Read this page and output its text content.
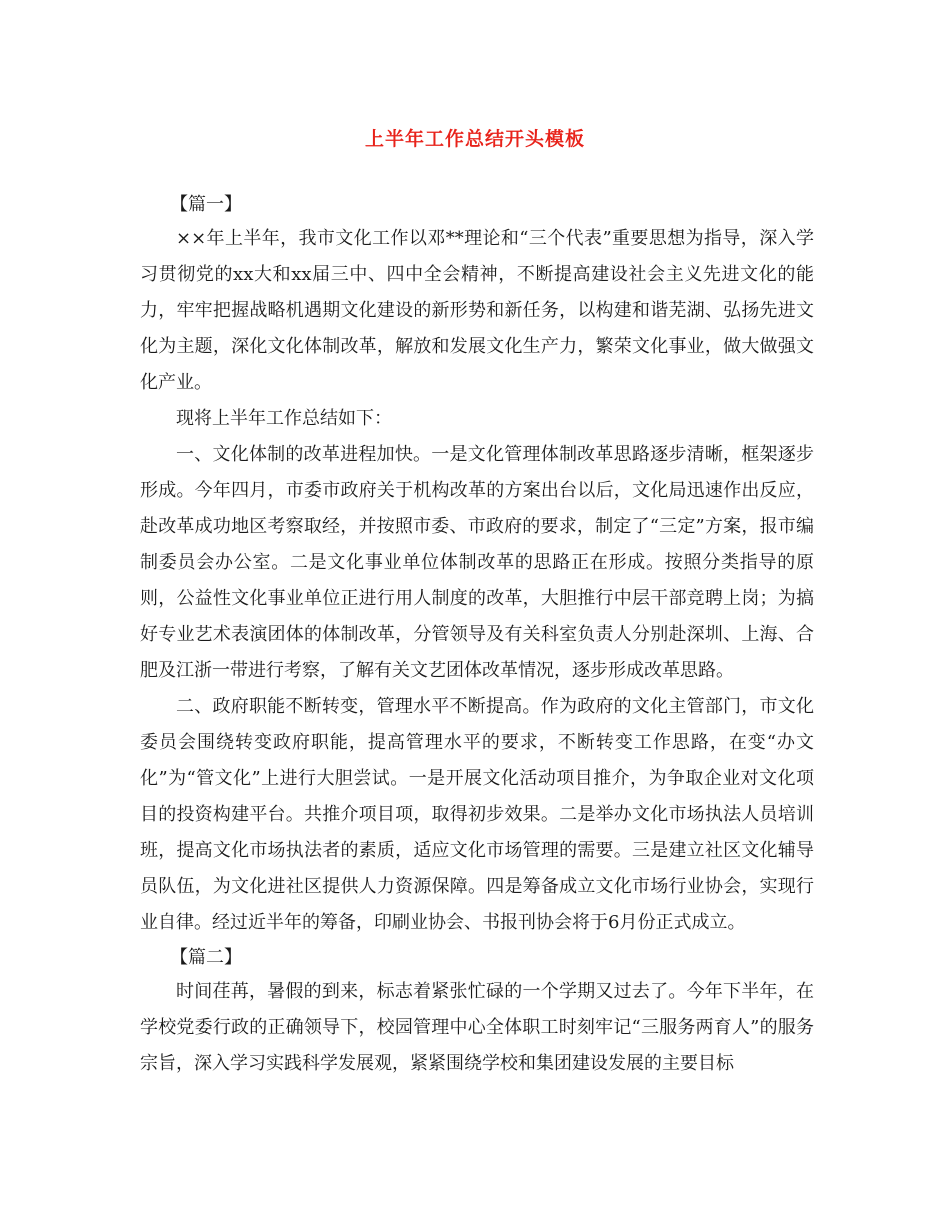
上半年工作总结开头模板

【篇一】

××年上半年，我市文化工作以邓**理论和“三个代表”重要思想为指导，深入学习贯彻党的xx大和xx届三中、四中全会精神，不断提高建设社会主义先进文化的能力，牢牢把握战略机遇期文化建设的新形势和新任务，以构建和谐芜湖、弘扬先进文化为主题，深化文化体制改革，解放和发展文化生产力，繁荣文化事业，做大做强文化产业。

现将上半年工作总结如下：

一、文化体制的改革进程加快。一是文化管理体制改革思路逐步清晰，框架逐步形成。今年四月，市委市政府关于机构改革的方案出台以后，文化局迅速作出反应，赴改革成功地区考察取经，并按照市委、市政府的要求，制定了“三定”方案，报市编制委员会办公室。二是文化事业单位体制改革的思路正在形成。按照分类指导的原则，公益性文化事业单位正进行用人制度的改革，大胆推行中层干部竞聘上岗；为搞好专业艺术表演团体的体制改革，分管领导及有关科室负责人分别赴深圳、上海、合肥及江浙一带进行考察，了解有关文艺团体改革情况，逐步形成改革思路。

二、政府职能不断转变，管理水平不断提高。作为政府的文化主管部门，市文化委员会围绕转变政府职能，提高管理水平的要求，不断转变工作思路，在变“办文化”为“管文化”上进行大胆尝试。一是开展文化活动项目推介，为争取企业对文化项目的投资构建平台。共推介项目项，取得初步效果。二是举办文化市场执法人员培训班，提高文化市场执法者的素质，适应文化市场管理的需要。三是建立社区文化辅导员队伍，为文化进社区提供人力资源保障。四是筹备成立文化市场行业协会，实现行业自律。经过近半年的筹备，印刷业协会、书报刊协会将于6月份正式成立。

【篇二】

时间荏苒，暑假的到来，标志着紧张忙碌的一个学期又过去了。今年下半年，在学校党委行政的正确领导下，校园管理中心全体职工时刻牢记“三服务两育人”的服务宗旨，深入学习实践科学发展观，紧紧围绕学校和集团建设发展的主要目标
